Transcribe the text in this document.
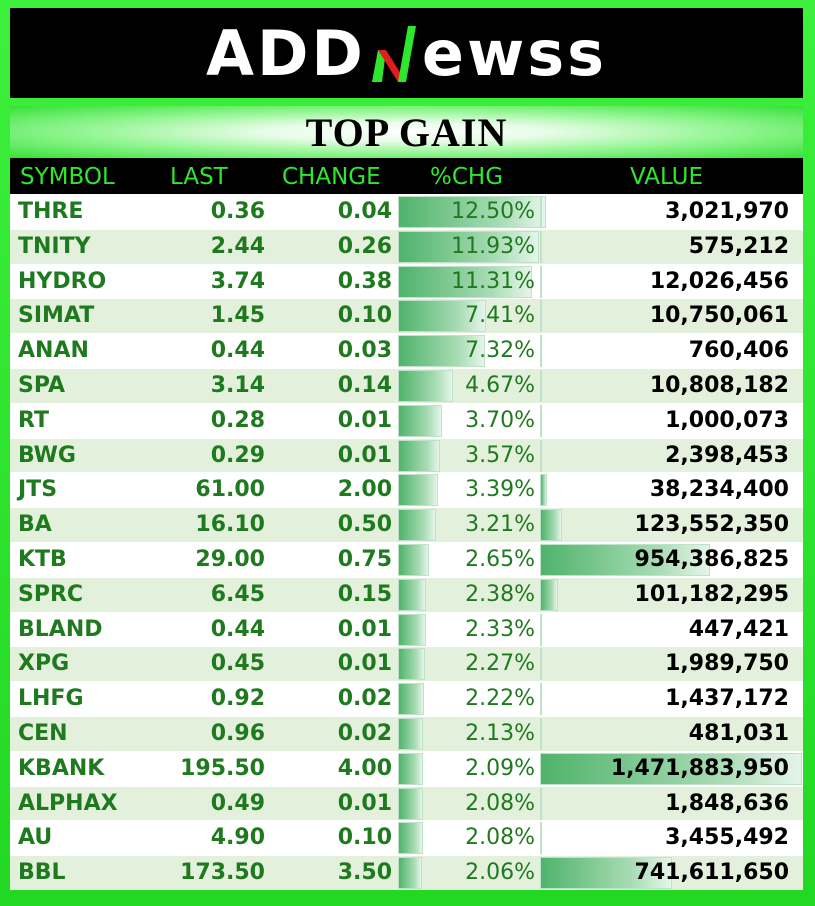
ADD ewss
TOP GAIN
SYMBOL LAST CHANGE %CHG	VALUE
THRE	0.36	0.04	12.50%	3,021,970
TNITY	2.44	0.26	11.93%	575,212
HYDRO	3.74	0.38	11.31%	12,026,456
SIMAT	1.45	0.10	7.41%	10,750,061
ANAN	0.44	0.03	7.32%	760,406
SPA	3.14	0.14	4.67%	10,808,182
RT	0.28	0.01	3.70%	1,000,073
BWG	0.29	0.01	3.57%	2,398,453
JTS	61.00	2.00	3.39%	38,234,400
BA	16.10	0.50	3.21%	123,552,350
KTB	29.00	0.75	2.65%	954,386,825
SPRC	6.45	0.15	2.38%	101,182,295
BLAND	0.44	0.01	2.33%	447,421
XPG	0.45	0.01	2.27%	1,989,750
LHFG	0.92	0.02	2.22%	1,437,172
CEN	0.96	0.02	2.13%	481,031
KBANK	195.50	4.00	2.09%	1,471,883,950
ALPHAX	0.49	0.01	2.08%	1,848,636
AU	4.90	0.10	2.08%	3,455,492
BBL	173.50	3.50	2.06%	741,611,650
